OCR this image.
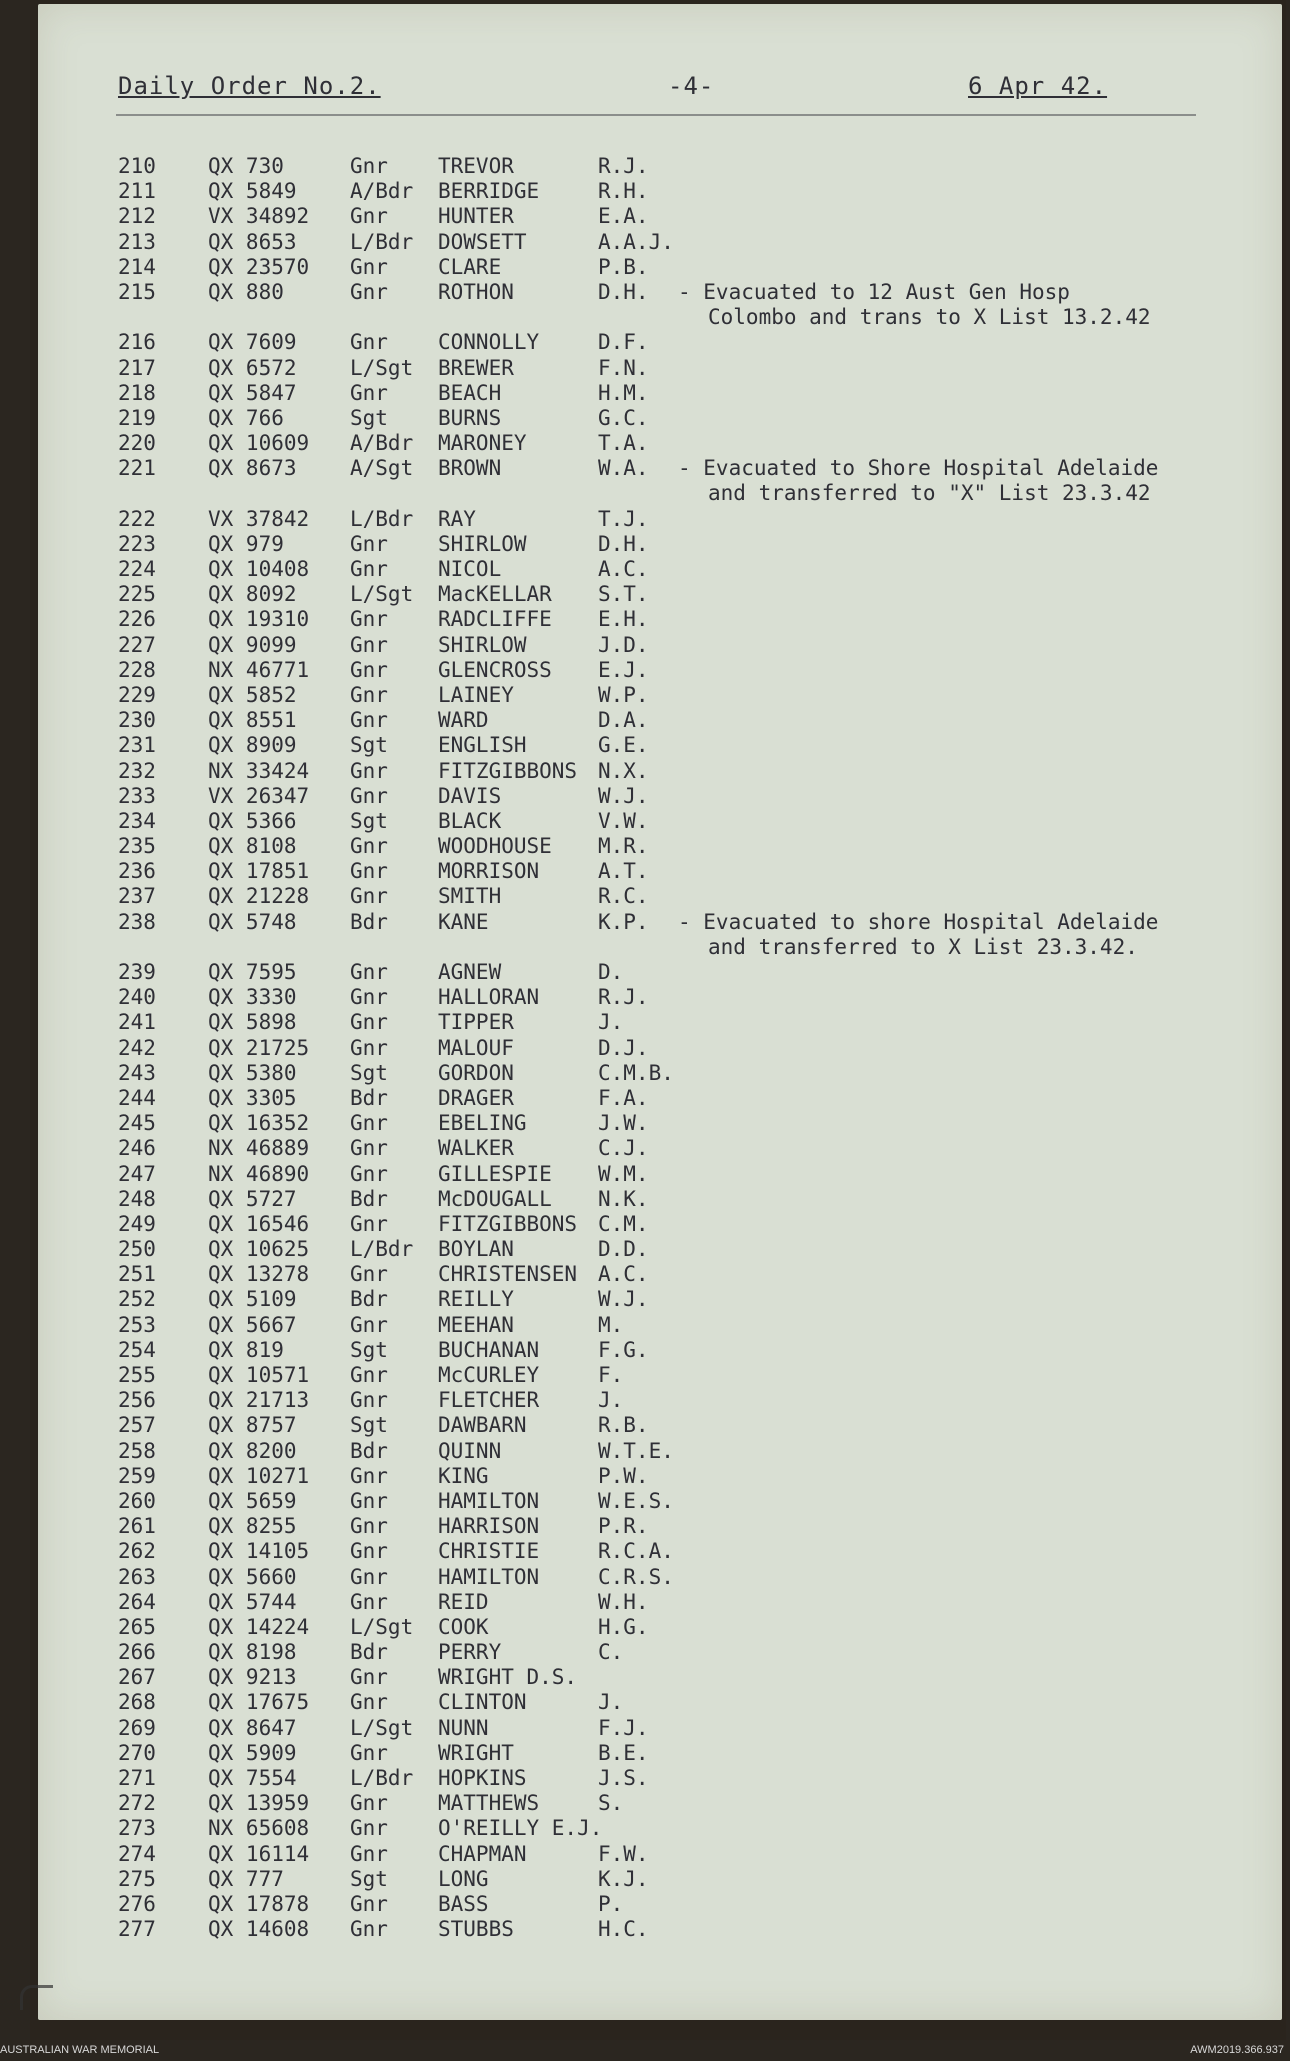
Daily Order No.2.	-4-	6 Apr 42.
210 QX 730	Gnr TREVOR	R.J.
211 QX 5849	A/Bdr BERRIDGE	R.H.
212 VX 34892 Gnr HUNTER	E.A.
213 QX 8653	L/Bdr DOWSETT	A.A.J.
214 QX 23570 Gnr CLARE	P.B.
215 QX 880	Gnr ROTHON	D.H. - Evacuated to 12 Aust Gen Hosp
Colombo and trans to X List 13.2.42
216 QX 7609	Gnr CONNOLLY	D.F.
217 QX 6572	L/Sgt BREWER	F.N.
218 QX 5847	Gnr BEACH	H.M.
219 QX 766	Sgt BURNS	G.C.
220 QX 10609 A/Bdr MARONEY	T.A.
221 QX 8673	A/Sgt BROWN	W.A. - Evacuated to Shore Hospital Adelaide
and transferred to "X" List 23.3.42
222 VX 37842 L/Bdr RAY	T.J.
223 QX 979	Gnr SHIRLOW	D.H.
224 QX 10408 Gnr NICOL	A.C.
225 QX 8092	L/Sgt MacKELLAR S.T.
226 QX 19310 Gnr RADCLIFFE E.H.
227 QX 9099	Gnr SHIRLOW	J.D.
228 NX 46771 Gnr GLENCROSS E.J.
229 QX 5852	Gnr LAINEY	W.P.
230 QX 8551	Gnr WARD	D.A.
231 QX 8909	Sgt ENGLISH	G.E.
232 NX 33424 Gnr FITZGIBBONS N.X.
233 VX 26347 Gnr DAVIS	W.J.
234 QX 5366	Sgt BLACK	V.W.
235 QX 8108	Gnr WOODHOUSE M.R.
236 QX 17851 Gnr MORRISON	A.T.
237 QX 21228 Gnr SMITH	R.C.
238 QX 5748	Bdr KANE	K.P. - Evacuated to shore Hospital Adelaide
and transferred to X List 23.3.42.
239 QX 7595	Gnr AGNEW	D.
240 QX 3330	Gnr HALLORAN	R.J.
241 QX 5898	Gnr TIPPER	J.
242 QX 21725 Gnr MALOUF	D.J.
243 QX 5380	Sgt GORDON	C.M.B.
244 QX 3305	Bdr DRAGER	F.A.
245 QX 16352 Gnr EBELING	J.W.
246 NX 46889 Gnr WALKER	C.J.
247 NX 46890 Gnr GILLESPIE W.M.
248 QX 5727	Bdr McDOUGALL N.K.
249 QX 16546 Gnr FITZGIBBONS C.M.
250 QX 10625 L/Bdr BOYLAN	D.D.
251 QX 13278 Gnr CHRISTENSEN A.C.
252 QX 5109	Bdr REILLY	W.J.
253 QX 5667	Gnr MEEHAN	M.
254 QX 819	Sgt BUCHANAN	F.G.
255 QX 10571 Gnr McCURLEY	F.
256 QX 21713 Gnr FLETCHER	J.
257 QX 8757	Sgt DAWBARN	R.B.
258 QX 8200	Bdr QUINN	W.T.E.
259 QX 10271 Gnr KING	P.W.
260 QX 5659	Gnr HAMILTON	W.E.S.
261 QX 8255	Gnr HARRISON	P.R.
262 QX 14105 Gnr CHRISTIE	R.C.A.
263 QX 5660	Gnr HAMILTON	C.R.S.
264 QX 5744	Gnr REID	W.H.
265 QX 14224 L/Sgt COOK	H.G.
266 QX 8198	Bdr PERRY	C.
267 QX 9213	Gnr WRIGHT D.S.
268 QX 17675 Gnr CLINTON	J.
269 QX 8647	L/Sgt NUNN	F.J.
270 QX 5909	Gnr WRIGHT	B.E.
271 QX 7554	L/Bdr HOPKINS	J.S.
272 QX 13959 Gnr MATTHEWS	S.
273 NX 65608 Gnr O'REILLY E.J.
274 QX 16114 Gnr CHAPMAN	F.W.
275 QX 777	Sgt LONG	K.J.
276 QX 17878 Gnr BASS	P.
277 QX 14608 Gnr STUBBS	H.C.
AUSTRALIAN WAR MEMORIAL	AWM2019.366.937
